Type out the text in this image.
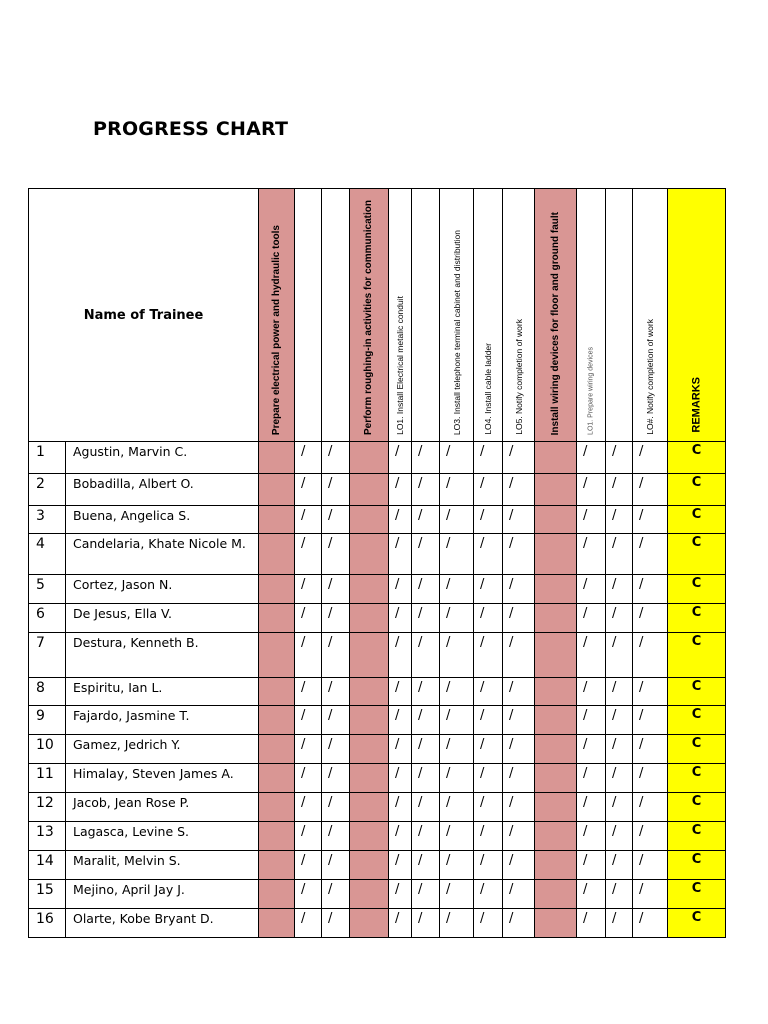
PROGRESS CHART
Name of Trainee		Prepare electrical power and hydraulic tools			Perform roughing-in activities for communication	LO1. Install Electrical metalic conduit		LO3. Install telephone terminal cabinet and distribution	LO4. Install cable ladder	LO5. Notify completion of work	Install wiring devices for floor and ground fault	LO1. Prepare wiring devices		LO#. Notify completion of work	REMARKS

1	Agustin, Marvin C.		/	/		/	/	/	/	/		/	/	/	C
2	Bobadilla, Albert O.		/	/		/	/	/	/	/		/	/	/	C
3	Buena, Angelica S.		/	/		/	/	/	/	/		/	/	/	C
4	Candelaria, Khate Nicole M.		/	/		/	/	/	/	/		/	/	/	C
5	Cortez, Jason N.		/	/		/	/	/	/	/		/	/	/	C
6	De Jesus, Ella V.		/	/		/	/	/	/	/		/	/	/	C
7	Destura, Kenneth B.		/	/		/	/	/	/	/		/	/	/	C
8	Espiritu, Ian L.		/	/		/	/	/	/	/		/	/	/	C
9	Fajardo, Jasmine T.		/	/		/	/	/	/	/		/	/	/	C
10	Gamez, Jedrich Y.		/	/		/	/	/	/	/		/	/	/	C
11	Himalay, Steven James A.		/	/		/	/	/	/	/		/	/	/	C
12	Jacob, Jean Rose P.		/	/		/	/	/	/	/		/	/	/	C
13	Lagasca, Levine S.		/	/		/	/	/	/	/		/	/	/	C
14	Maralit, Melvin S.		/	/		/	/	/	/	/		/	/	/	C
15	Mejino, April Jay J.		/	/		/	/	/	/	/		/	/	/	C
16	Olarte, Kobe Bryant D.		/	/		/	/	/	/	/		/	/	/	C
